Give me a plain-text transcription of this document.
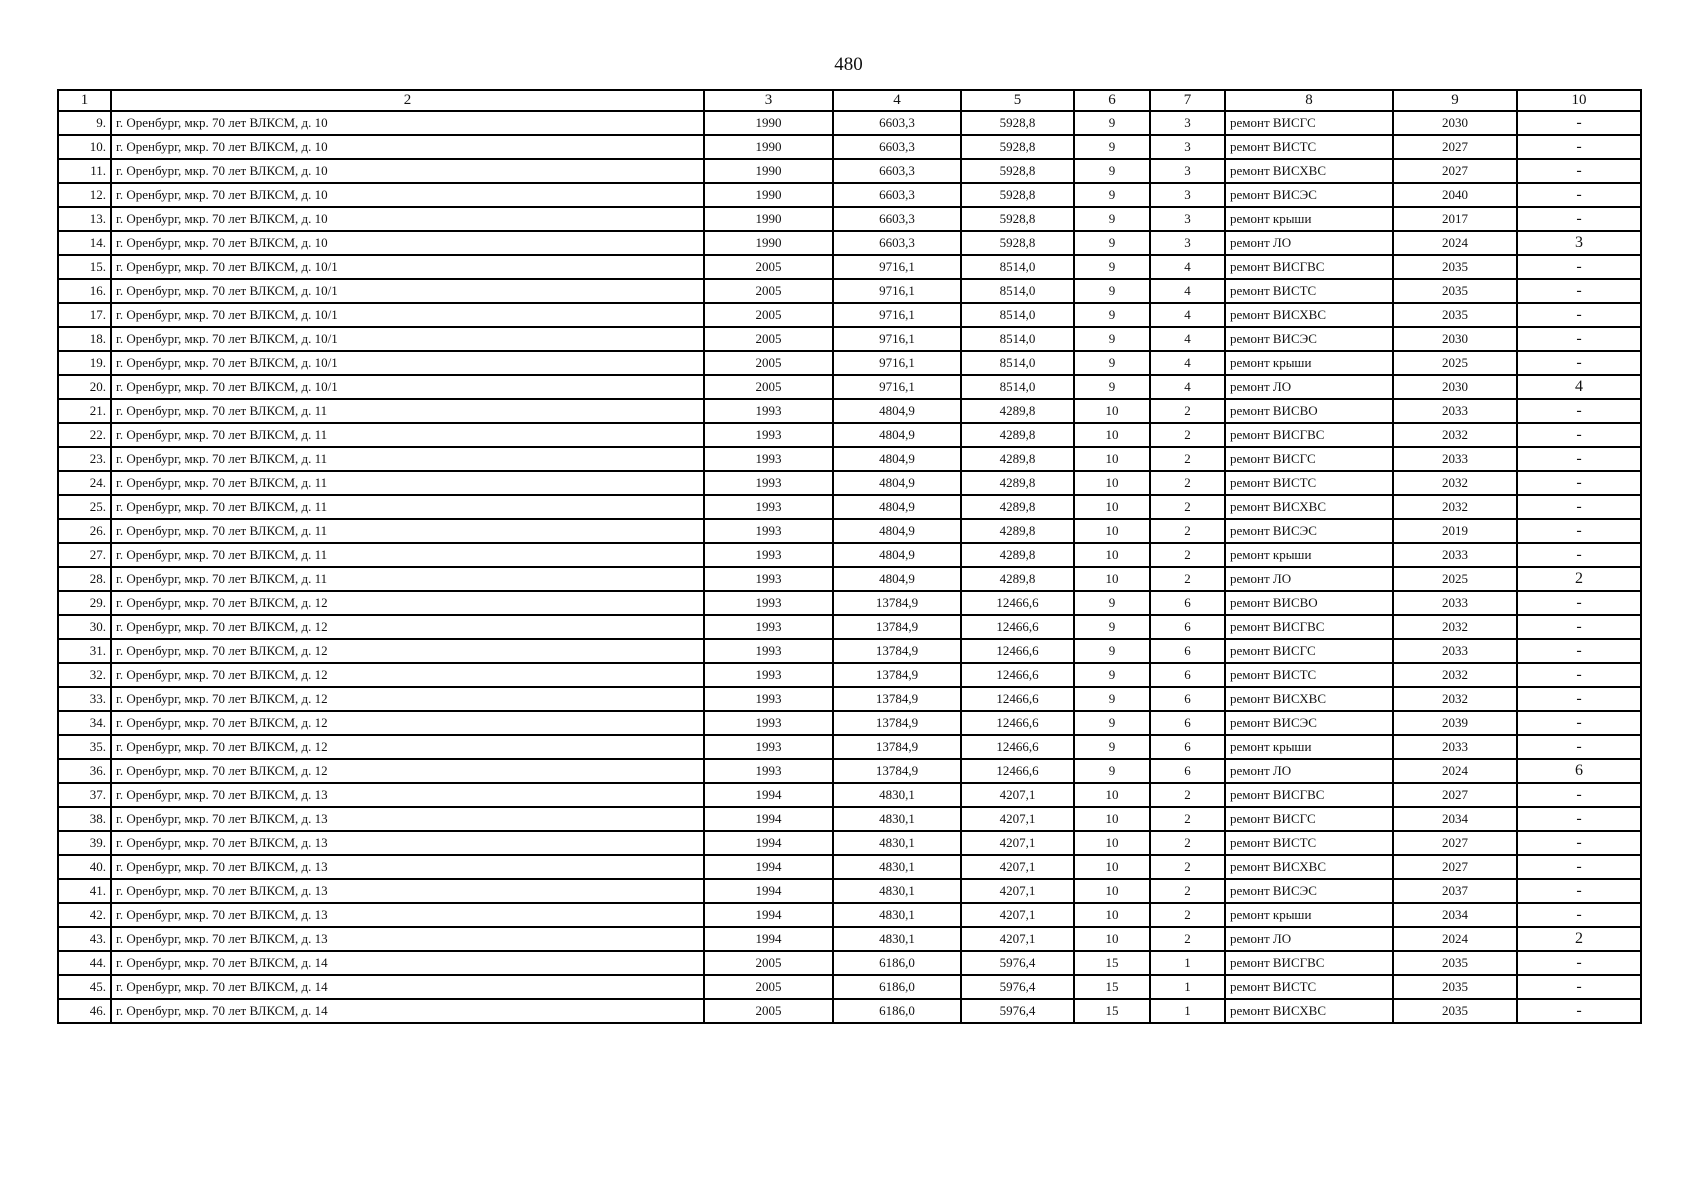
480
1	2	3	4	5	6	7	8	9	10
9.	г. Оренбург, мкр. 70 лет ВЛКСМ, д. 10	1990	6603,3	5928,8	9	3	ремонт ВИСГС	2030	-
10.	г. Оренбург, мкр. 70 лет ВЛКСМ, д. 10	1990	6603,3	5928,8	9	3	ремонт ВИСТС	2027	-
11.	г. Оренбург, мкр. 70 лет ВЛКСМ, д. 10	1990	6603,3	5928,8	9	3	ремонт ВИСХВС	2027	-
12.	г. Оренбург, мкр. 70 лет ВЛКСМ, д. 10	1990	6603,3	5928,8	9	3	ремонт ВИСЭС	2040	-
13.	г. Оренбург, мкр. 70 лет ВЛКСМ, д. 10	1990	6603,3	5928,8	9	3	ремонт крыши	2017	-
14.	г. Оренбург, мкр. 70 лет ВЛКСМ, д. 10	1990	6603,3	5928,8	9	3	ремонт ЛО	2024	3
15.	г. Оренбург, мкр. 70 лет ВЛКСМ, д. 10/1	2005	9716,1	8514,0	9	4	ремонт ВИСГВС	2035	-
16.	г. Оренбург, мкр. 70 лет ВЛКСМ, д. 10/1	2005	9716,1	8514,0	9	4	ремонт ВИСТС	2035	-
17.	г. Оренбург, мкр. 70 лет ВЛКСМ, д. 10/1	2005	9716,1	8514,0	9	4	ремонт ВИСХВС	2035	-
18.	г. Оренбург, мкр. 70 лет ВЛКСМ, д. 10/1	2005	9716,1	8514,0	9	4	ремонт ВИСЭС	2030	-
19.	г. Оренбург, мкр. 70 лет ВЛКСМ, д. 10/1	2005	9716,1	8514,0	9	4	ремонт крыши	2025	-
20.	г. Оренбург, мкр. 70 лет ВЛКСМ, д. 10/1	2005	9716,1	8514,0	9	4	ремонт ЛО	2030	4
21.	г. Оренбург, мкр. 70 лет ВЛКСМ, д. 11	1993	4804,9	4289,8	10	2	ремонт ВИСВО	2033	-
22.	г. Оренбург, мкр. 70 лет ВЛКСМ, д. 11	1993	4804,9	4289,8	10	2	ремонт ВИСГВС	2032	-
23.	г. Оренбург, мкр. 70 лет ВЛКСМ, д. 11	1993	4804,9	4289,8	10	2	ремонт ВИСГС	2033	-
24.	г. Оренбург, мкр. 70 лет ВЛКСМ, д. 11	1993	4804,9	4289,8	10	2	ремонт ВИСТС	2032	-
25.	г. Оренбург, мкр. 70 лет ВЛКСМ, д. 11	1993	4804,9	4289,8	10	2	ремонт ВИСХВС	2032	-
26.	г. Оренбург, мкр. 70 лет ВЛКСМ, д. 11	1993	4804,9	4289,8	10	2	ремонт ВИСЭС	2019	-
27.	г. Оренбург, мкр. 70 лет ВЛКСМ, д. 11	1993	4804,9	4289,8	10	2	ремонт крыши	2033	-
28.	г. Оренбург, мкр. 70 лет ВЛКСМ, д. 11	1993	4804,9	4289,8	10	2	ремонт ЛО	2025	2
29.	г. Оренбург, мкр. 70 лет ВЛКСМ, д. 12	1993	13784,9	12466,6	9	6	ремонт ВИСВО	2033	-
30.	г. Оренбург, мкр. 70 лет ВЛКСМ, д. 12	1993	13784,9	12466,6	9	6	ремонт ВИСГВС	2032	-
31.	г. Оренбург, мкр. 70 лет ВЛКСМ, д. 12	1993	13784,9	12466,6	9	6	ремонт ВИСГС	2033	-
32.	г. Оренбург, мкр. 70 лет ВЛКСМ, д. 12	1993	13784,9	12466,6	9	6	ремонт ВИСТС	2032	-
33.	г. Оренбург, мкр. 70 лет ВЛКСМ, д. 12	1993	13784,9	12466,6	9	6	ремонт ВИСХВС	2032	-
34.	г. Оренбург, мкр. 70 лет ВЛКСМ, д. 12	1993	13784,9	12466,6	9	6	ремонт ВИСЭС	2039	-
35.	г. Оренбург, мкр. 70 лет ВЛКСМ, д. 12	1993	13784,9	12466,6	9	6	ремонт крыши	2033	-
36.	г. Оренбург, мкр. 70 лет ВЛКСМ, д. 12	1993	13784,9	12466,6	9	6	ремонт ЛО	2024	6
37.	г. Оренбург, мкр. 70 лет ВЛКСМ, д. 13	1994	4830,1	4207,1	10	2	ремонт ВИСГВС	2027	-
38.	г. Оренбург, мкр. 70 лет ВЛКСМ, д. 13	1994	4830,1	4207,1	10	2	ремонт ВИСГС	2034	-
39.	г. Оренбург, мкр. 70 лет ВЛКСМ, д. 13	1994	4830,1	4207,1	10	2	ремонт ВИСТС	2027	-
40.	г. Оренбург, мкр. 70 лет ВЛКСМ, д. 13	1994	4830,1	4207,1	10	2	ремонт ВИСХВС	2027	-
41.	г. Оренбург, мкр. 70 лет ВЛКСМ, д. 13	1994	4830,1	4207,1	10	2	ремонт ВИСЭС	2037	-
42.	г. Оренбург, мкр. 70 лет ВЛКСМ, д. 13	1994	4830,1	4207,1	10	2	ремонт крыши	2034	-
43.	г. Оренбург, мкр. 70 лет ВЛКСМ, д. 13	1994	4830,1	4207,1	10	2	ремонт ЛО	2024	2
44.	г. Оренбург, мкр. 70 лет ВЛКСМ, д. 14	2005	6186,0	5976,4	15	1	ремонт ВИСГВС	2035	-
45.	г. Оренбург, мкр. 70 лет ВЛКСМ, д. 14	2005	6186,0	5976,4	15	1	ремонт ВИСТС	2035	-
46.	г. Оренбург, мкр. 70 лет ВЛКСМ, д. 14	2005	6186,0	5976,4	15	1	ремонт ВИСХВС	2035	-
